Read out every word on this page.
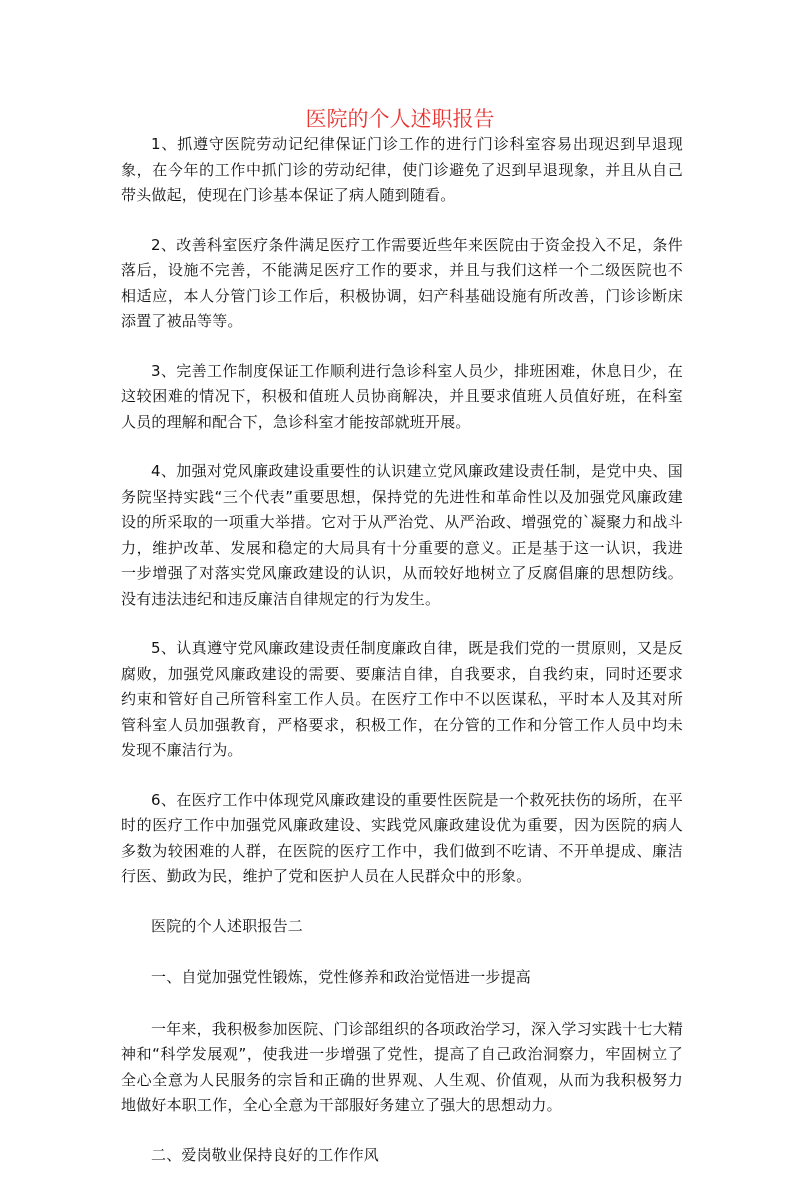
医院的个人述职报告

1、抓遵守医院劳动记纪律保证门诊工作的进行门诊科室容易出现迟到早退现象，在今年的工作中抓门诊的劳动纪律，使门诊避免了迟到早退现象，并且从自己带头做起，使现在门诊基本保证了病人随到随看。

2、改善科室医疗条件满足医疗工作需要近些年来医院由于资金投入不足，条件落后，设施不完善，不能满足医疗工作的要求，并且与我们这样一个二级医院也不相适应，本人分管门诊工作后，积极协调，妇产科基础设施有所改善，门诊诊断床添置了被品等等。

3、完善工作制度保证工作顺利进行急诊科室人员少，排班困难，休息日少，在这较困难的情况下，积极和值班人员协商解决，并且要求值班人员值好班，在科室人员的理解和配合下，急诊科室才能按部就班开展。

4、加强对党风廉政建设重要性的认识建立党风廉政建设责任制，是党中央、国务院坚持实践“三个代表”重要思想，保持党的先进性和革命性以及加强党风廉政建设的所采取的一项重大举措。它对于从严治党、从严治政、增强党的`凝聚力和战斗力，维护改革、发展和稳定的大局具有十分重要的意义。正是基于这一认识，我进一步增强了对落实党风廉政建设的认识，从而较好地树立了反腐倡廉的思想防线。没有违法违纪和违反廉洁自律规定的行为发生。

5、认真遵守党风廉政建设责任制度廉政自律，既是我们党的一贯原则，又是反腐败，加强党风廉政建设的需要、要廉洁自律，自我要求，自我约束，同时还要求约束和管好自己所管科室工作人员。在医疗工作中不以医谋私，平时本人及其对所管科室人员加强教育，严格要求，积极工作，在分管的工作和分管工作人员中均未发现不廉洁行为。

6、在医疗工作中体现党风廉政建设的重要性医院是一个救死扶伤的场所，在平时的医疗工作中加强党风廉政建设、实践党风廉政建设优为重要，因为医院的病人多数为较困难的人群，在医院的医疗工作中，我们做到不吃请、不开单提成、廉洁行医、勤政为民，维护了党和医护人员在人民群众中的形象。

医院的个人述职报告二

一、自觉加强党性锻炼，党性修养和政治觉悟进一步提高

一年来，我积极参加医院、门诊部组织的各项政治学习，深入学习实践十七大精神和“科学发展观”，使我进一步增强了党性，提高了自己政治洞察力，牢固树立了全心全意为人民服务的宗旨和正确的世界观、人生观、价值观，从而为我积极努力地做好本职工作，全心全意为干部服好务建立了强大的思想动力。

二、爱岗敬业保持良好的工作作风
